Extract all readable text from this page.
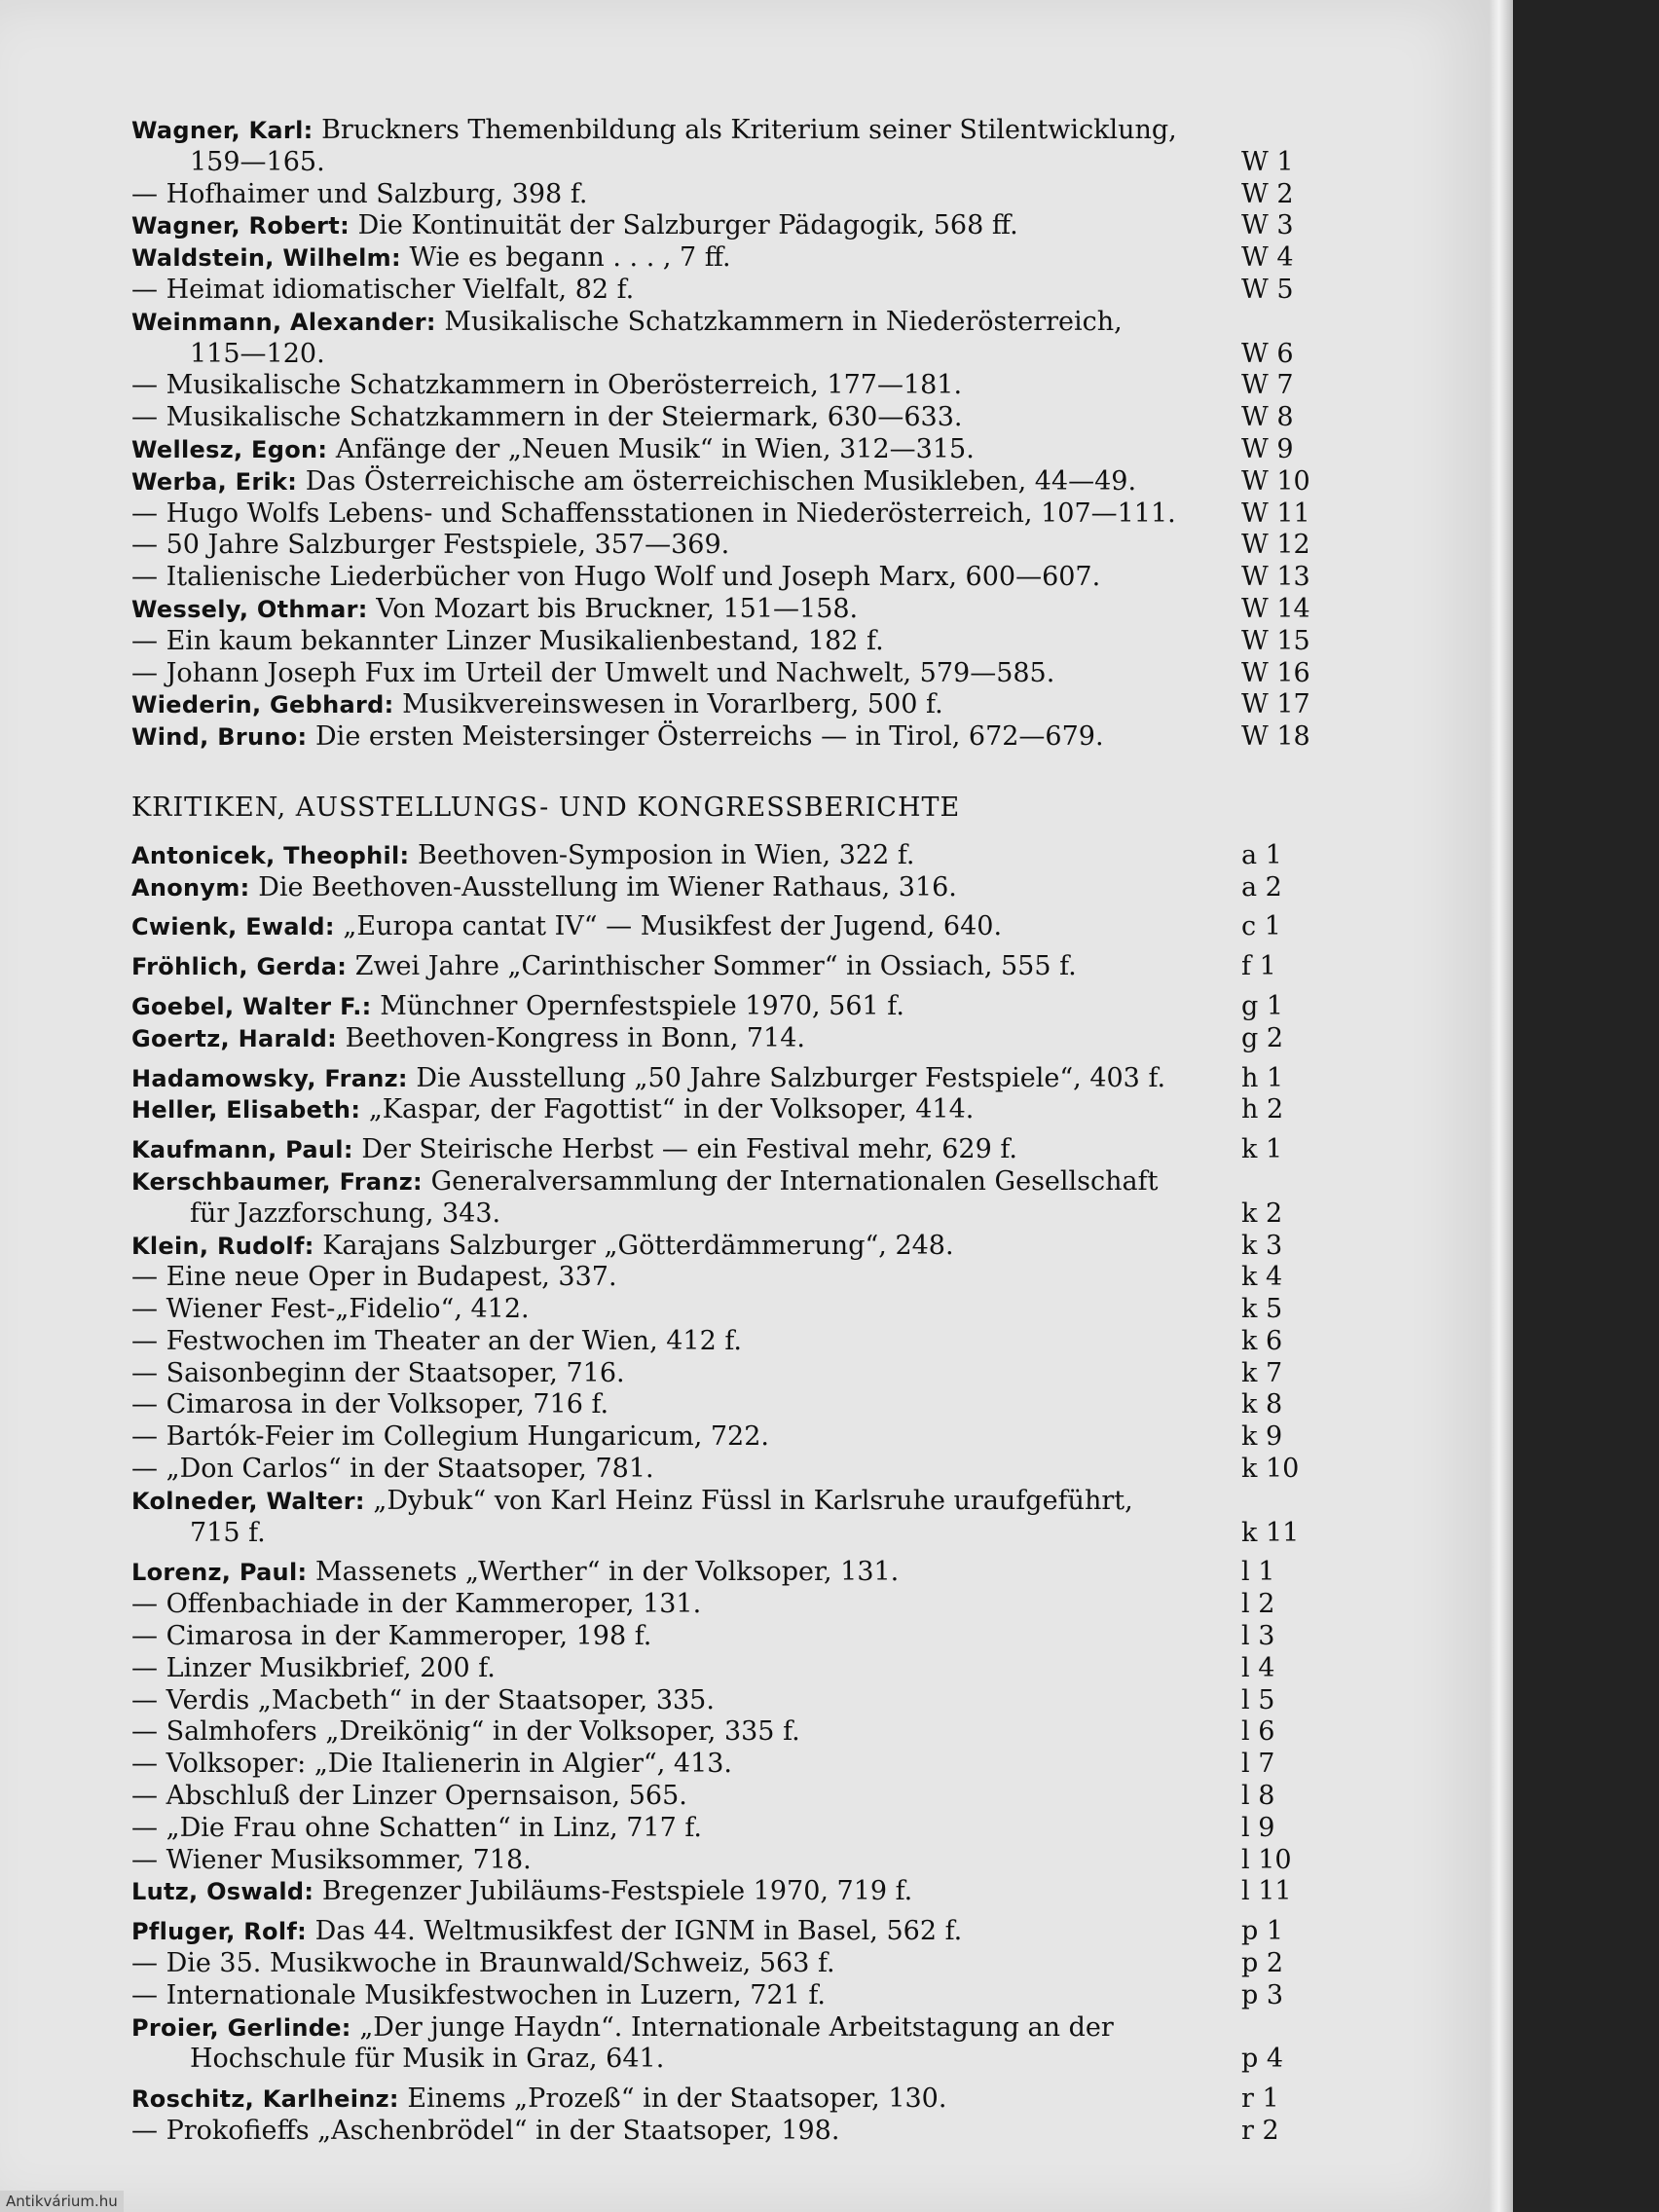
Wagner, Karl: Bruckners Themenbildung als Kriterium seiner Stilentwicklung,
159—165.	W 1
— Hofhaimer und Salzburg, 398 f.	W 2
Wagner, Robert: Die Kontinuität der Salzburger Pädagogik, 568 ff.	W 3
Waldstein, Wilhelm: Wie es begann . . . , 7 ff.	W 4
— Heimat idiomatischer Vielfalt, 82 f.	W 5
Weinmann, Alexander: Musikalische Schatzkammern in Niederösterreich,
115—120.	W 6
— Musikalische Schatzkammern in Oberösterreich, 177—181.	W 7
— Musikalische Schatzkammern in der Steiermark, 630—633.	W 8
Wellesz, Egon: Anfänge der „Neuen Musik“ in Wien, 312—315.	W 9
Werba, Erik: Das Österreichische am österreichischen Musikleben, 44—49.	W 10
— Hugo Wolfs Lebens- und Schaffensstationen in Niederösterreich, 107—111.	W 11
— 50 Jahre Salzburger Festspiele, 357—369.	W 12
— Italienische Liederbücher von Hugo Wolf und Joseph Marx, 600—607.	W 13
Wessely, Othmar: Von Mozart bis Bruckner, 151—158.	W 14
— Ein kaum bekannter Linzer Musikalienbestand, 182 f.	W 15
— Johann Joseph Fux im Urteil der Umwelt und Nachwelt, 579—585.	W 16
Wiederin, Gebhard: Musikvereinswesen in Vorarlberg, 500 f.	W 17
Wind, Bruno: Die ersten Meistersinger Österreichs — in Tirol, 672—679.	W 18
KRITIKEN, AUSSTELLUNGS- UND KONGRESSBERICHTE
Antonicek, Theophil: Beethoven-Symposion in Wien, 322 f.	a 1
Anonym: Die Beethoven-Ausstellung im Wiener Rathaus, 316.	a 2
Cwienk, Ewald: „Europa cantat IV“ — Musikfest der Jugend, 640.	c 1
Fröhlich, Gerda: Zwei Jahre „Carinthischer Sommer“ in Ossiach, 555 f.	f 1
Goebel, Walter F.: Münchner Opernfestspiele 1970, 561 f.	g 1
Goertz, Harald: Beethoven-Kongress in Bonn, 714.	g 2
Hadamowsky, Franz: Die Ausstellung „50 Jahre Salzburger Festspiele“, 403 f.	h 1
Heller, Elisabeth: „Kaspar, der Fagottist“ in der Volksoper, 414.	h 2
Kaufmann, Paul: Der Steirische Herbst — ein Festival mehr, 629 f.	k 1
Kerschbaumer, Franz: Generalversammlung der Internationalen Gesellschaft
für Jazzforschung, 343.	k 2
Klein, Rudolf: Karajans Salzburger „Götterdämmerung“, 248.	k 3
— Eine neue Oper in Budapest, 337.	k 4
— Wiener Fest-„Fidelio“, 412.	k 5
— Festwochen im Theater an der Wien, 412 f.	k 6
— Saisonbeginn der Staatsoper, 716.	k 7
— Cimarosa in der Volksoper, 716 f.	k 8
— Bartók-Feier im Collegium Hungaricum, 722.	k 9
— „Don Carlos“ in der Staatsoper, 781.	k 10
Kolneder, Walter: „Dybuk“ von Karl Heinz Füssl in Karlsruhe uraufgeführt,
715 f.	k 11
Lorenz, Paul: Massenets „Werther“ in der Volksoper, 131.	l 1
— Offenbachiade in der Kammeroper, 131.	l 2
— Cimarosa in der Kammeroper, 198 f.	l 3
— Linzer Musikbrief, 200 f.	l 4
— Verdis „Macbeth“ in der Staatsoper, 335.	l 5
— Salmhofers „Dreikönig“ in der Volksoper, 335 f.	l 6
— Volksoper: „Die Italienerin in Algier“, 413.	l 7
— Abschluß der Linzer Opernsaison, 565.	l 8
— „Die Frau ohne Schatten“ in Linz, 717 f.	l 9
— Wiener Musiksommer, 718.	l 10
Lutz, Oswald: Bregenzer Jubiläums-Festspiele 1970, 719 f.	l 11
Pfluger, Rolf: Das 44. Weltmusikfest der IGNM in Basel, 562 f.	p 1
— Die 35. Musikwoche in Braunwald/Schweiz, 563 f.	p 2
— Internationale Musikfestwochen in Luzern, 721 f.	p 3
Proier, Gerlinde: „Der junge Haydn“. Internationale Arbeitstagung an der
Hochschule für Musik in Graz, 641.	p 4
Roschitz, Karlheinz: Einems „Prozeß“ in der Staatsoper, 130.	r 1
— Prokofieffs „Aschenbrödel“ in der Staatsoper, 198.	r 2
Antikvárium.hu
